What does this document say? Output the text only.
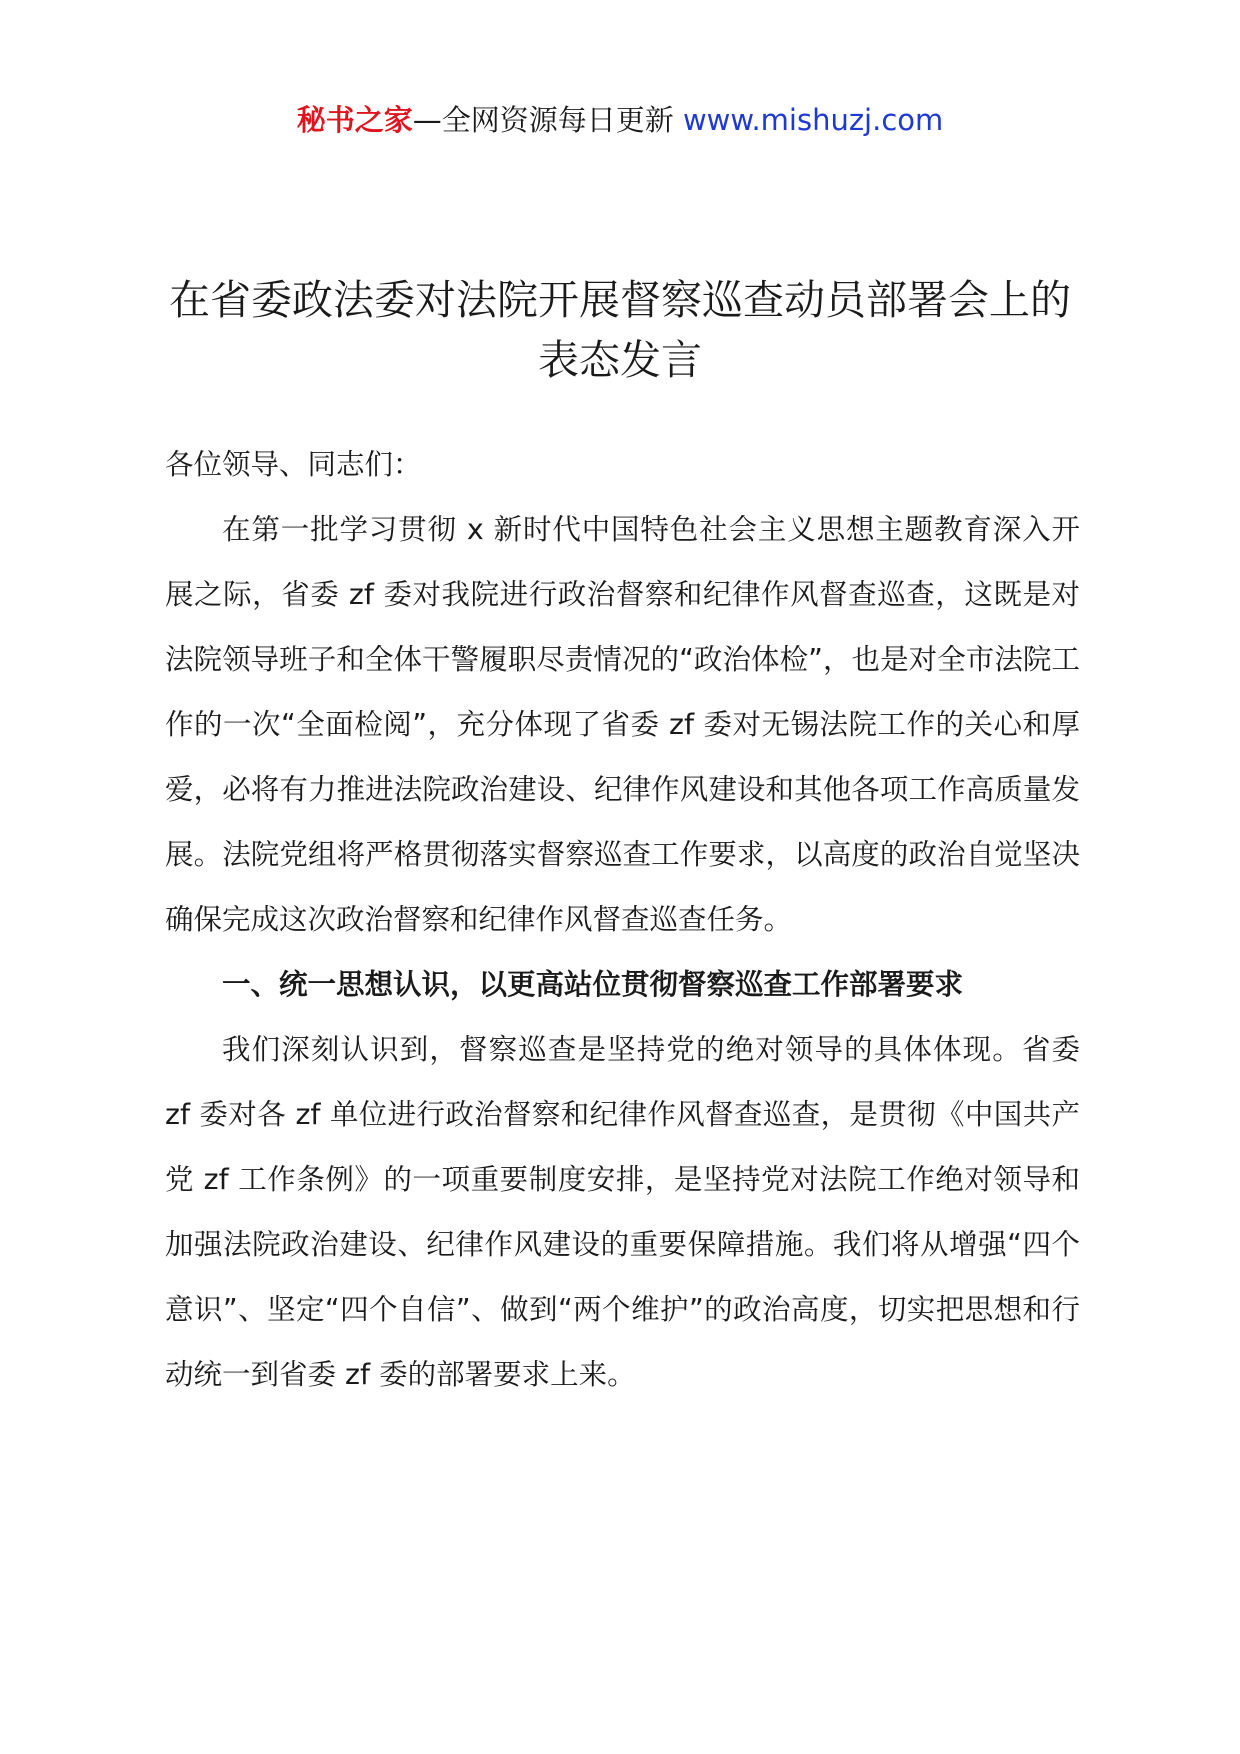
秘书之家—全网资源每日更新 www.mishuzj.com
在省委政法委对法院开展督察巡查动员部署会上的表态发言

各位领导、同志们：

在第一批学习贯彻 x 新时代中国特色社会主义思想主题教育深入开展之际，省委 zf 委对我院进行政治督察和纪律作风督查巡查，这既是对法院领导班子和全体干警履职尽责情况的“政治体检”，也是对全市法院工作的一次“全面检阅”，充分体现了省委 zf 委对无锡法院工作的关心和厚爱，必将有力推进法院政治建设、纪律作风建设和其他各项工作高质量发展。法院党组将严格贯彻落实督察巡查工作要求，以高度的政治自觉坚决确保完成这次政治督察和纪律作风督查巡查任务。

一、统一思想认识，以更高站位贯彻督察巡查工作部署要求

我们深刻认识到，督察巡查是坚持党的绝对领导的具体体现。省委 zf 委对各 zf 单位进行政治督察和纪律作风督查巡查，是贯彻《中国共产党 zf 工作条例》的一项重要制度安排，是坚持党对法院工作绝对领导和加强法院政治建设、纪律作风建设的重要保障措施。我们将从增强“四个意识”、坚定“四个自信”、做到“两个维护”的政治高度，切实把思想和行动统一到省委 zf 委的部署要求上来。
